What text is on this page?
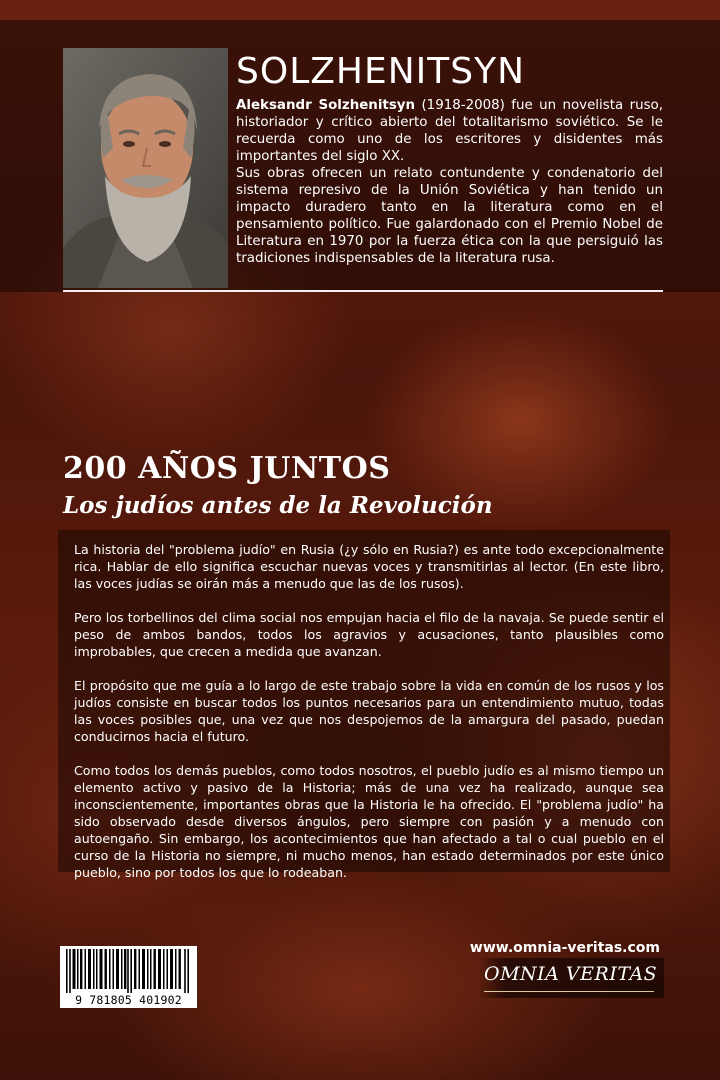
SOLZHENITSYN

Aleksandr Solzhenitsyn (1918-2008) fue un novelista ruso, historiador y crítico abierto del totalitarismo soviético. Se le recuerda como uno de los escritores y disidentes más importantes del siglo XX.

Sus obras ofrecen un relato contundente y condenatorio del sistema represivo de la Unión Soviética y han tenido un impacto duradero tanto en la literatura como en el pensamiento político. Fue galardonado con el Premio Nobel de Literatura en 1970 por la fuerza ética con la que persiguió las tradiciones indispensables de la literatura rusa.

200 AÑOS JUNTOS
Los judíos antes de la Revolución

La historia del "problema judío" en Rusia (¿y sólo en Rusia?) es ante todo excepcionalmente rica. Hablar de ello significa escuchar nuevas voces y transmitirlas al lector. (En este libro, las voces judías se oirán más a menudo que las de los rusos).

Pero los torbellinos del clima social nos empujan hacia el filo de la navaja. Se puede sentir el peso de ambos bandos, todos los agravios y acusaciones, tanto plausibles como improbables, que crecen a medida que avanzan.

El propósito que me guía a lo largo de este trabajo sobre la vida en común de los rusos y los judíos consiste en buscar todos los puntos necesarios para un entendimiento mutuo, todas las voces posibles que, una vez que nos despojemos de la amargura del pasado, puedan conducirnos hacia el futuro.

Como todos los demás pueblos, como todos nosotros, el pueblo judío es al mismo tiempo un elemento activo y pasivo de la Historia; más de una vez ha realizado, aunque sea inconscientemente, importantes obras que la Historia le ha ofrecido. El "problema judío" ha sido observado desde diversos ángulos, pero siempre con pasión y a menudo con autoengaño. Sin embargo, los acontecimientos que han afectado a tal o cual pueblo en el curso de la Historia no siempre, ni mucho menos, han estado determinados por este único pueblo, sino por todos los que lo rodeaban.

9 781805 401902
www.omnia-veritas.com
OMNIA VERITAS
